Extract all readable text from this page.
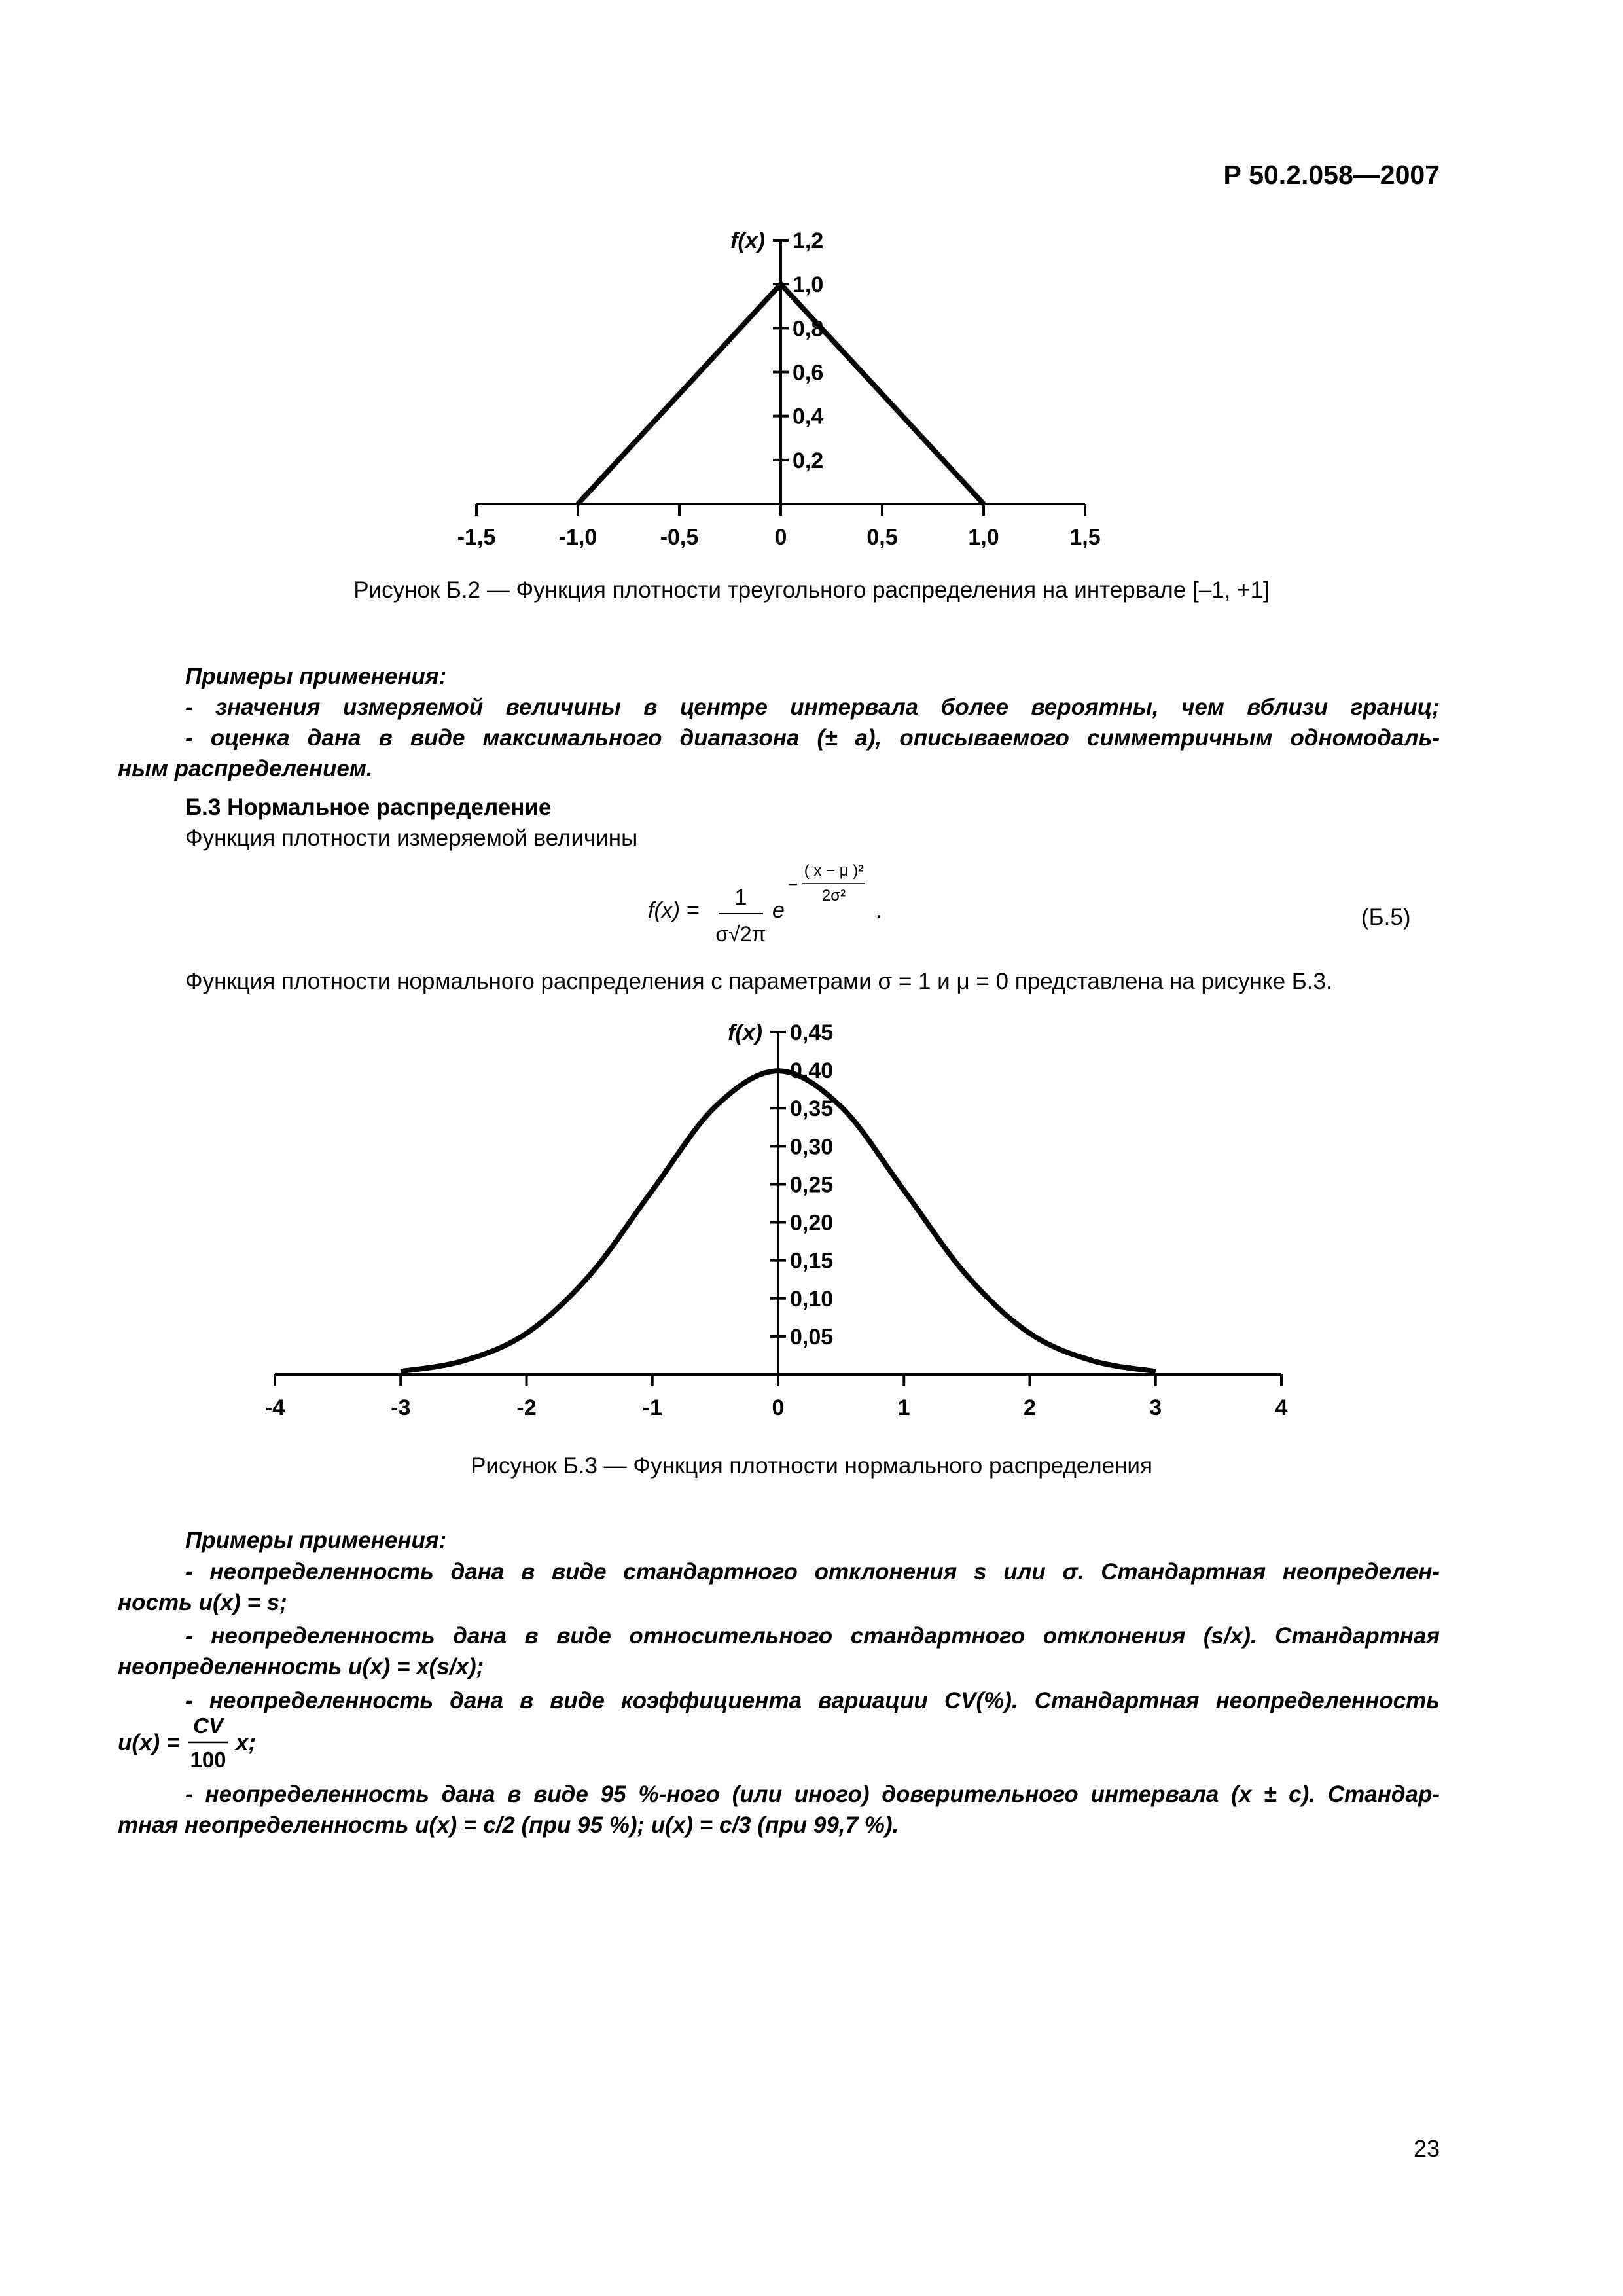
Р 50.2.058—2007
-1,5	-1,0	-0,5	0	0,5	1,0	1,5
0,2
0,4
0,6
0,8
1,0
1,2
f(x)
Рисунок Б.2 — Функция плотности треугольного распределения на интервале [–1, +1]
Примеры применения:
- значения измеряемой величины в центре интервала более вероятны, чем вблизи границ;
- оценка дана в виде максимального диапазона (± a), описываемого симметричным одномодаль-
ным распределением.
Б.3 Нормальное распределение
Функция плотности измеряемой величины
f(x) =
1
σ√2π
e
−
( x − μ )²
2σ²
.	(Б.5)
Функция плотности нормального распределения с параметрами σ = 1 и μ = 0 представлена на рисунке Б.3.
-4	-3	-2	-1	0	1	2	3	4
0,05
0,10
0,15
0,20
0,25
0,30
0,35
0,40
0,45
f(x)
Рисунок Б.3 — Функция плотности нормального распределения
Примеры применения:
- неопределенность дана в виде стандартного отклонения s или σ. Стандартная неопределен-
ность u(x) = s;
- неопределенность дана в виде относительного стандартного отклонения (s/x). Стандартная
неопределенность u(x) = x(s/x);
- неопределенность дана в виде коэффициента вариации CV(%). Стандартная неопределенность
u(x) =
CV
100
x;
- неопределенность дана в виде 95 %-ного (или иного) доверительного интервала (x ± c). Стандар-
тная неопределенность u(x) = c/2 (при 95 %); u(x) = c/3 (при 99,7 %).
23
